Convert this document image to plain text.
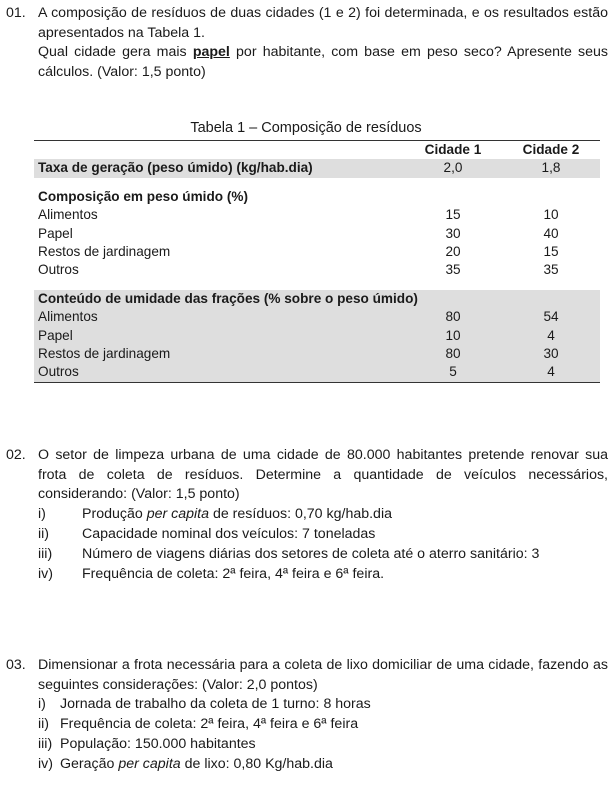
01. A composição de resíduos de duas cidades (1 e 2) foi determinada, e os resultados estão apresentados na Tabela 1.

Qual cidade gera mais papel por habitante, com base em peso seco? Apresente seus cálculos. (Valor: 1,5 ponto)

Tabela 1 – Composição de resíduos
	Cidade 1	Cidade 2
Taxa de geração (peso úmido) (kg/hab.dia)	2,0	1,8

Composição em peso úmido (%)		
Alimentos	15	10
Papel	30	40
Restos de jardinagem	20	15
Outros	35	35

Conteúdo de umidade das frações (% sobre o peso úmido)		
Alimentos	80	54
Papel	10	4
Restos de jardinagem	80	30
Outros	5	4
02. O setor de limpeza urbana de uma cidade de 80.000 habitantes pretende renovar sua frota de coleta de resíduos. Determine a quantidade de veículos necessários, considerando: (Valor: 1,5 ponto)

i)	Produção per capita de resíduos: 0,70 kg/hab.dia
ii)	Capacidade nominal dos veículos: 7 toneladas
iii)	Número de viagens diárias dos setores de coleta até o aterro sanitário: 3
iv)	Frequência de coleta: 2ª feira, 4ª feira e 6ª feira.
03. Dimensionar a frota necessária para a coleta de lixo domiciliar de uma cidade, fazendo as seguintes considerações: (Valor: 2,0 pontos)

i) Jornada de trabalho da coleta de 1 turno: 8 horas
ii) Frequência de coleta: 2ª feira, 4ª feira e 6ª feira
iii) População: 150.000 habitantes
iv) Geração per capita de lixo: 0,80 Kg/hab.dia
